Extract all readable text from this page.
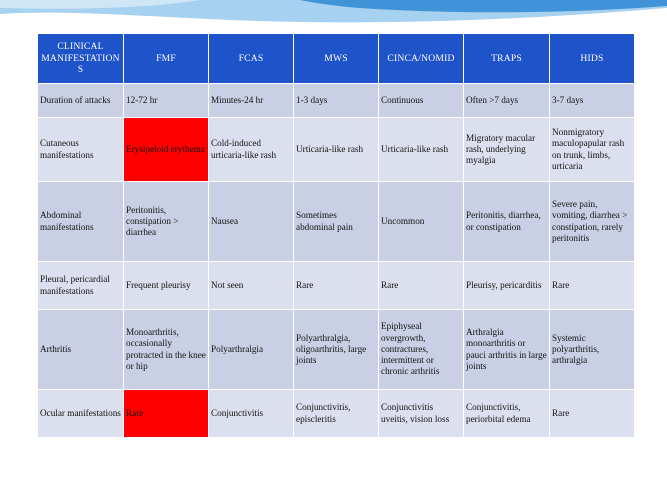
CLINICAL MANIFESTATIONS	FMF	FCAS	MWS	CINCA/NOMID	TRAPS	HIDS
Duration of attacks	12-72 hr	Minutes-24 hr	1-3 days	Continuous	Often >7 days	3-7 days
Cutaneous manifestations	Erysipeloid erythema	Cold-induced urticaria-like rash	Urticaria-like rash	Urticaria-like rash	Migratory macular rash, underlying myalgia	Nonmigratory maculopapular rash on trunk, limbs, urticaria
Abdominal manifestations	Peritonitis, constipation > diarrhea	Nausea	Sometimes abdominal pain	Uncommon	Peritonitis, diarrhea, or constipation	Severe pain, vomiting, diarrhea > constipation, rarely peritonitis
Pleural, pericardial manifestations	Frequent pleurisy	Not seen	Rare	Rare	Pleurisy, pericarditis	Rare
Arthritis	Monoarthritis, occasionally protracted in the knee or hip	Polyarthralgia	Polyarthralgia, oligoarthritis, large joints	Epiphyseal overgrowth, contractures, intermittent or chronic arthritis	Arthralgia monoarthritis or pauci arthritis in large joints	Systemic polyarthritis, arthralgia
Ocular manifestations	Rare	Conjunctivitis	Conjunctivitis, episcleritis	Conjunctivitis uveitis, vision loss	Conjunctivitis, periorbital edema	Rare
